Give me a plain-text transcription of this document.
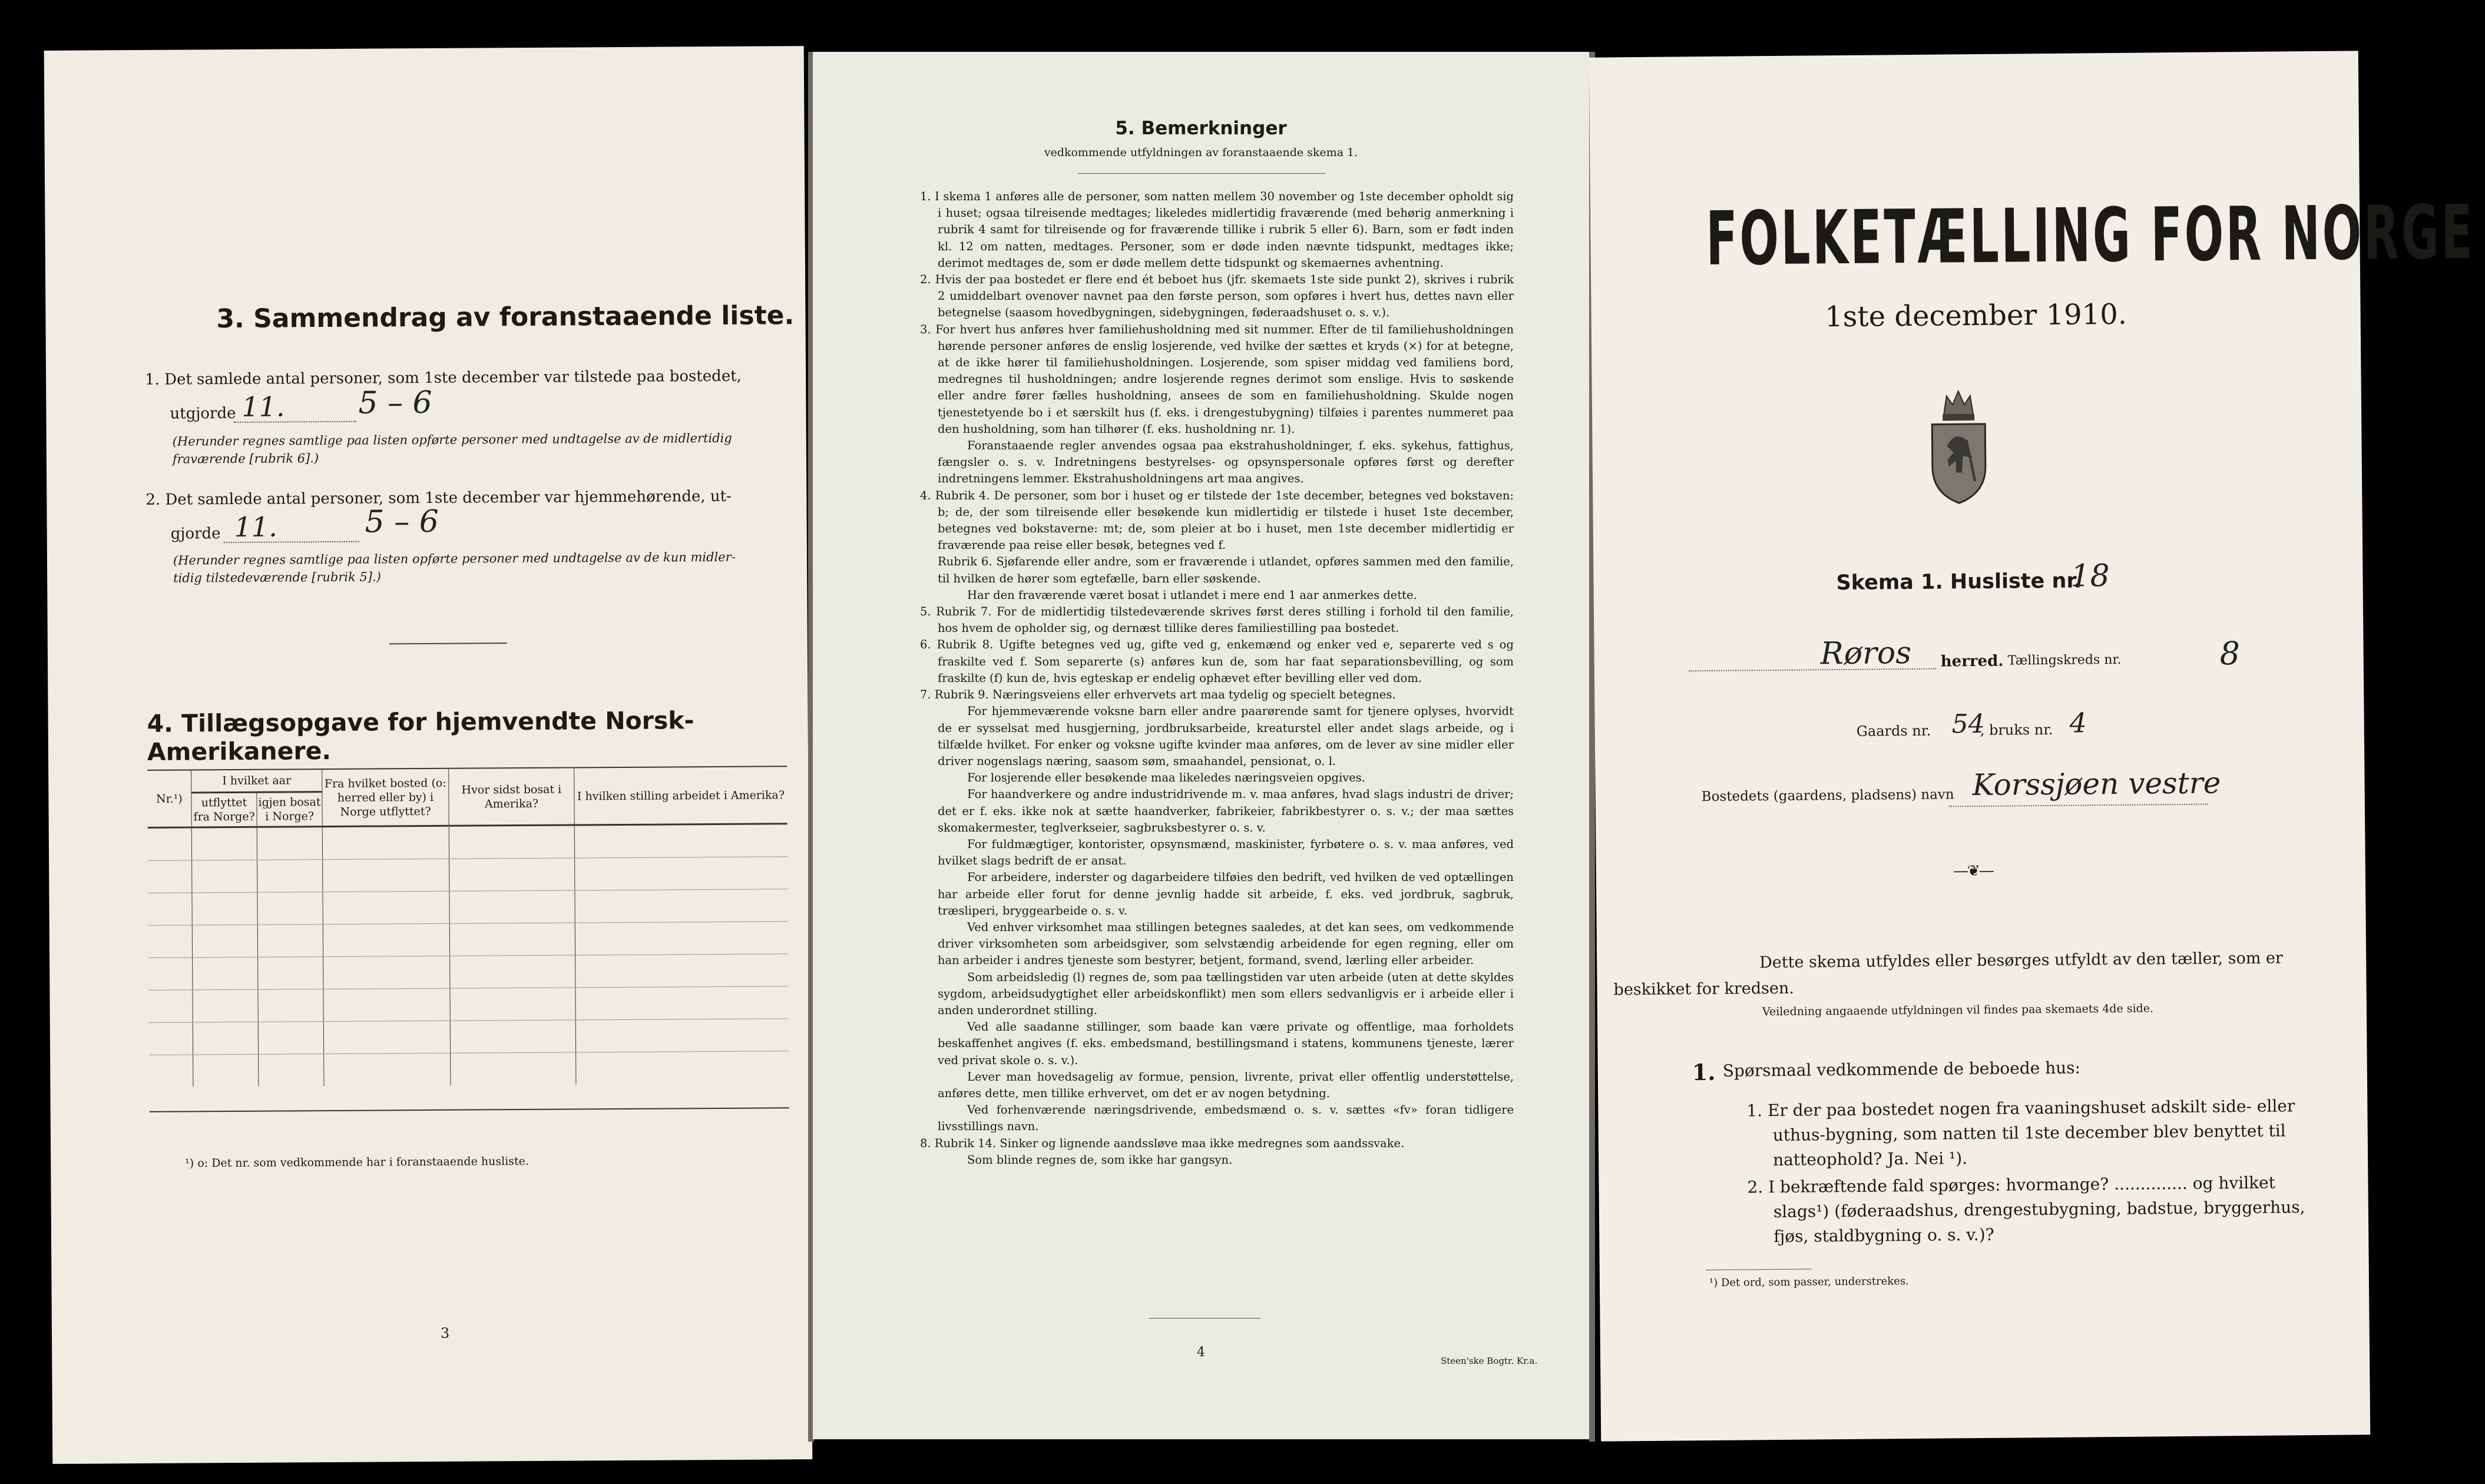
3. Sammendrag av foranstaaende liste.
1. Det samlede antal personer, som 1ste december var tilstede paa bostedet,
utgjorde 11. 5 – 6
(Herunder regnes samtlige paa listen opførte personer med undtagelse av de midlertidig
fraværende [rubrik 6].)
2. Det samlede antal personer, som 1ste december var hjemmehørende, ut-
gjorde 11.	5 – 6
(Herunder regnes samtlige paa listen opførte personer med undtagelse av de kun midler-
tidig tilstedeværende [rubrik 5].)
4. Tillægsopgave for hjemvendte Norsk-Amerikanere.
Nr.¹)	I hvilket aar		Fra hvilket bosted (o: herred eller by) i Norge utflyttet?	Hvor sidst bosat i Amerika?	I hvilken stilling arbeidet i Amerika?
	utflyttet fra Norge?	igjen bosat i Norge?			

¹) o: Det nr. som vedkommende har i foranstaaende husliste.
3
5. Bemerkninger
vedkommende utfyldningen av foranstaaende skema 1.
1. I skema 1 anføres alle de personer, som natten mellem 30 november og 1ste december opholdt sig i huset; ogsaa tilreisende medtages; likeledes midlertidig fraværende (med behørig anmerkning i rubrik 4 samt for tilreisende og for fraværende tillike i rubrik 5 eller 6). Barn, som er født inden kl. 12 om natten, medtages. Personer, som er døde inden nævnte tidspunkt, medtages ikke; derimot medtages de, som er døde mellem dette tidspunkt og skemaernes avhentning.
2. Hvis der paa bostedet er flere end ét beboet hus (jfr. skemaets 1ste side punkt 2), skrives i rubrik 2 umiddelbart ovenover navnet paa den første person, som opføres i hvert hus, dettes navn eller betegnelse (saasom hovedbygningen, sidebygningen, føderaadshuset o. s. v.).
3. For hvert hus anføres hver familiehusholdning med sit nummer. Efter de til familiehusholdningen hørende personer anføres de enslig losjerende, ved hvilke der sættes et kryds (×) for at betegne, at de ikke hører til familiehusholdningen. Losjerende, som spiser middag ved familiens bord, medregnes til husholdningen; andre losjerende regnes derimot som enslige. Hvis to søskende eller andre fører fælles husholdning, ansees de som en familiehusholdning. Skulde nogen tjenestetyende bo i et særskilt hus (f. eks. i drengestubygning) tilføies i parentes nummeret paa den husholdning, som han tilhører (f. eks. husholdning nr. 1).
Foranstaaende regler anvendes ogsaa paa ekstrahusholdninger, f. eks. sykehus, fattighus, fængsler o. s. v. Indretningens bestyrelses- og opsynspersonale opføres først og derefter indretningens lemmer. Ekstrahusholdningens art maa angives.
4. Rubrik 4. De personer, som bor i huset og er tilstede der 1ste december, betegnes ved bokstaven: b; de, der som tilreisende eller besøkende kun midlertidig er tilstede i huset 1ste december, betegnes ved bokstaverne: mt; de, som pleier at bo i huset, men 1ste december midlertidig er fraværende paa reise eller besøk, betegnes ved f.
Rubrik 6. Sjøfarende eller andre, som er fraværende i utlandet, opføres sammen med den familie, til hvilken de hører som egtefælle, barn eller søskende.
Har den fraværende været bosat i utlandet i mere end 1 aar anmerkes dette.
5. Rubrik 7. For de midlertidig tilstedeværende skrives først deres stilling i forhold til den familie, hos hvem de opholder sig, og dernæst tillike deres familiestilling paa bostedet.
6. Rubrik 8. Ugifte betegnes ved ug, gifte ved g, enkemænd og enker ved e, separerte ved s og fraskilte ved f. Som separerte (s) anføres kun de, som har faat separationsbevilling, og som fraskilte (f) kun de, hvis egteskap er endelig ophævet efter bevilling eller ved dom.
7. Rubrik 9. Næringsveiens eller erhvervets art maa tydelig og specielt betegnes.
For hjemmeværende voksne barn eller andre paarørende samt for tjenere oplyses, hvorvidt de er sysselsat med husgjerning, jordbruksarbeide, kreaturstel eller andet slags arbeide, og i tilfælde hvilket. For enker og voksne ugifte kvinder maa anføres, om de lever av sine midler eller driver nogenslags næring, saasom søm, smaahandel, pensionat, o. l.
For losjerende eller besøkende maa likeledes næringsveien opgives.
For haandverkere og andre industridrivende m. v. maa anføres, hvad slags industri de driver; det er f. eks. ikke nok at sætte haandverker, fabrikeier, fabrikbestyrer o. s. v.; der maa sættes skomakermester, teglverkseier, sagbruksbestyrer o. s. v.
For fuldmægtiger, kontorister, opsynsmænd, maskinister, fyrbøtere o. s. v. maa anføres, ved hvilket slags bedrift de er ansat.
For arbeidere, inderster og dagarbeidere tilføies den bedrift, ved hvilken de ved optællingen har arbeide eller forut for denne jevnlig hadde sit arbeide, f. eks. ved jordbruk, sagbruk, træsliperi, bryggearbeide o. s. v.
Ved enhver virksomhet maa stillingen betegnes saaledes, at det kan sees, om vedkommende driver virksomheten som arbeidsgiver, som selvstændig arbeidende for egen regning, eller om han arbeider i andres tjeneste som bestyrer, betjent, formand, svend, lærling eller arbeider.
Som arbeidsledig (l) regnes de, som paa tællingstiden var uten arbeide (uten at dette skyldes sygdom, arbeidsudygtighet eller arbeidskonflikt) men som ellers sedvanligvis er i arbeide eller i anden underordnet stilling.
Ved alle saadanne stillinger, som baade kan være private og offentlige, maa forholdets beskaffenhet angives (f. eks. embedsmand, bestillingsmand i statens, kommunens tjeneste, lærer ved privat skole o. s. v.).
Lever man hovedsagelig av formue, pension, livrente, privat eller offentlig understøttelse, anføres dette, men tillike erhvervet, om det er av nogen betydning.
Ved forhenværende næringsdrivende, embedsmænd o. s. v. sættes «fv» foran tidligere livsstillings navn.
8. Rubrik 14. Sinker og lignende aandssløve maa ikke medregnes som aandssvake.
Som blinde regnes de, som ikke har gangsyn.
4
Steen'ske Bogtr. Kr.a.
FOLKETÆLLING FOR NORGE
1ste december 1910.
Skema 1. Husliste nr.
18
Røros herred. Tællingskreds nr.	8
Gaards nr. 54
, bruks nr. 4
Bostedets (gaardens, pladsens) navn Korssjøen vestre
—❦—
Dette skema utfyldes eller besørges utfyldt av den tæller, som er
beskikket for kredsen.
Veiledning angaaende utfyldningen vil findes paa skemaets 4de side.
1. Spørsmaal vedkommende de beboede hus:
1. Er der paa bostedet nogen fra vaaningshuset adskilt side- eller uthus-bygning, som natten til 1ste december blev benyttet til natteophold? Ja. Nei ¹).
2. I bekræftende fald spørges: hvormange? .............. og hvilket slags¹) (føderaadshus, drengestubygning, badstue, bryggerhus, fjøs, staldbygning o. s. v.)?
¹) Det ord, som passer, understrekes.
